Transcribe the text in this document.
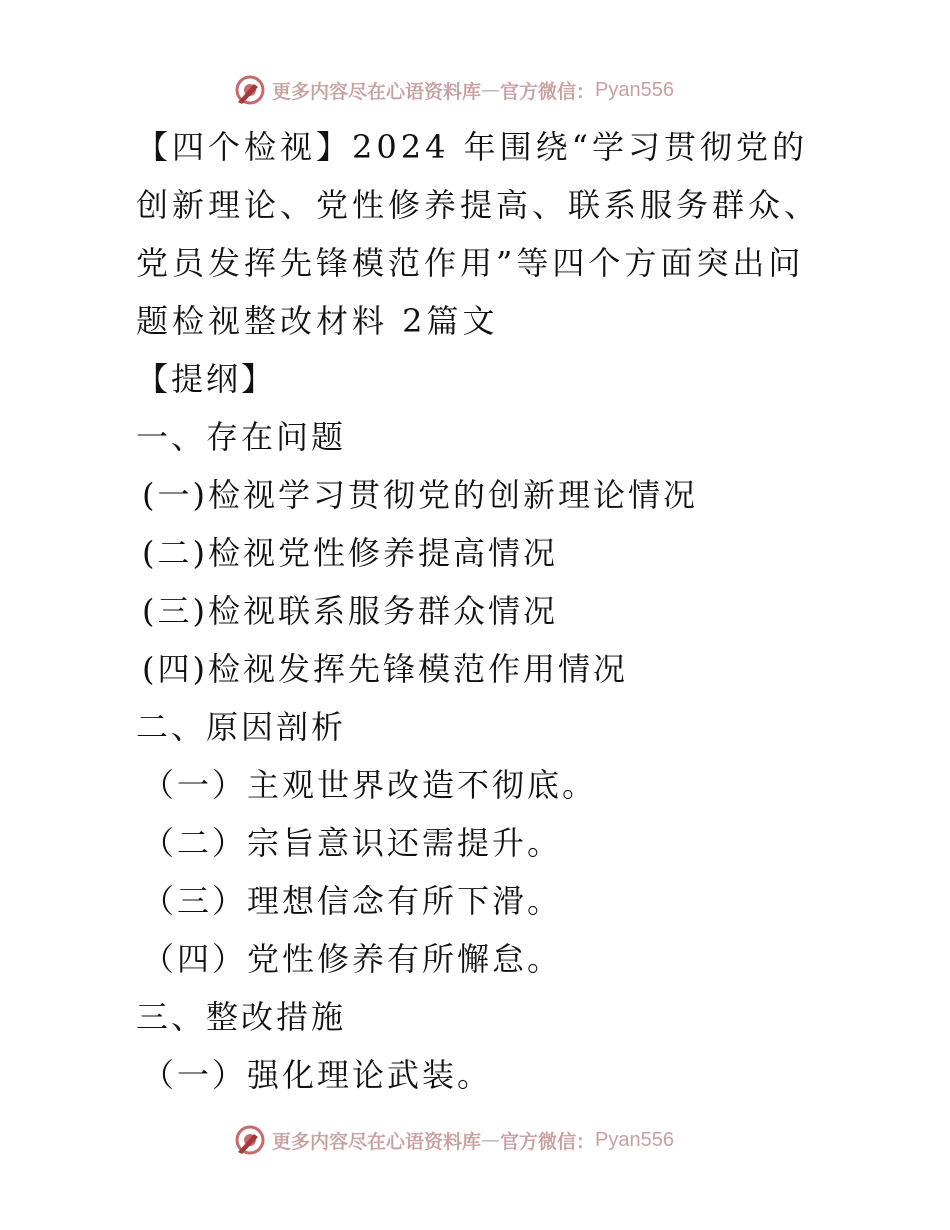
更多内容尽在心语资料库 — 官方微信： Pyan556
【四个检视】2024 年围绕“学习贯彻党的
创新理论、党性修养提高、联系服务群众、
党员发挥先锋模范作用”等四个方面突出问
题检视整改材料 2篇文
【提纲】
一、存在问题
(一)检视学习贯彻党的创新理论情况
(二)检视党性修养提高情况
(三)检视联系服务群众情况
(四)检视发挥先锋模范作用情况
二、原因剖析
（一）主观世界改造不彻底。
（二）宗旨意识还需提升。
（三）理想信念有所下滑。
（四）党性修养有所懈怠。
三、整改措施
（一）强化理论武装。
更多内容尽在心语资料库 — 官方微信： Pyan556
